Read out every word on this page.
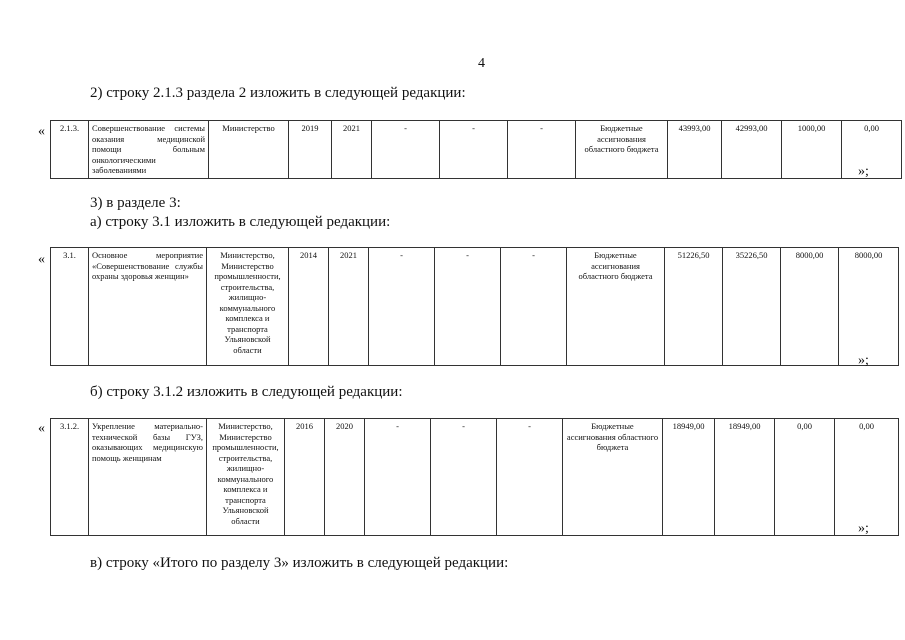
4
2) строку 2.1.3 раздела 2 изложить в следующей редакции:
« 2.1.3.	Совершенствование системы оказания медицинской помощи больным онкологическими заболеваниями	Министерство	2019	2021	-	-	-	Бюджетные ассигнования областного бюджета	43993,00	42993,00	1000,00	0,00
»;
3) в разделе 3:
а) строку 3.1 изложить в следующей редакции:
« 3.1.	Основное мероприятие «Совершенствование службы охраны здоровья женщин»	Министерство, Министерство промышленности, строительства, жилищно-коммунального комплекса и транспорта Ульяновской области	2014	2021	-	-	-	Бюджетные ассигнования областного бюджета	51226,50	35226,50	8000,00	8000,00
»;
б) строку 3.1.2 изложить в следующей редакции:
« 3.1.2.	Укрепление материально-технической базы ГУЗ, оказывающих медицинскую помощь женщинам	Министерство, Министерство промышленности, строительства, жилищно-коммунального комплекса и транспорта Ульяновской области	2016	2020	-	-	-	Бюджетные ассигнования областного бюджета	18949,00	18949,00	0,00	0,00
»;
в) строку «Итого по разделу 3» изложить в следующей редакции:
